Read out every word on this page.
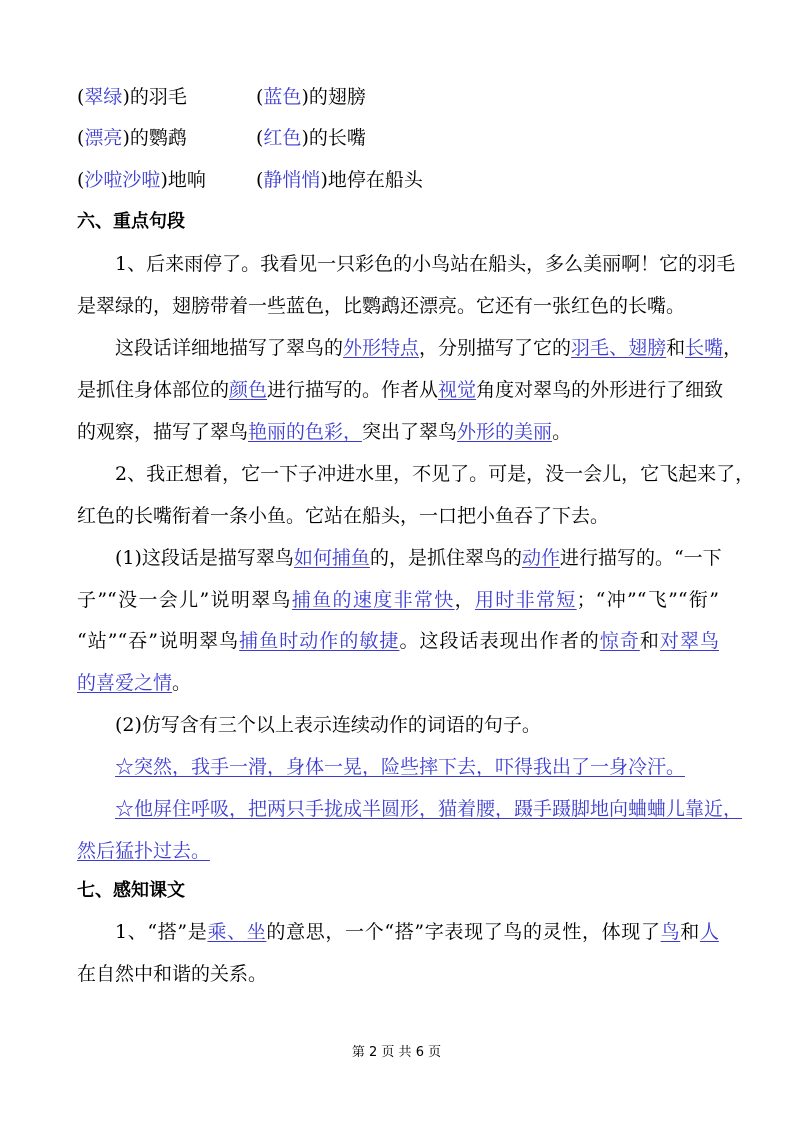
(翠绿)的羽毛	(蓝色)的翅膀
(漂亮)的鹦鹉	(红色)的长嘴
(沙啦沙啦)地响	(静悄悄)地停在船头
六、重点句段
1、后来雨停了。我看见一只彩色的小鸟站在船头，多么美丽啊！它的羽毛
是翠绿的，翅膀带着一些蓝色，比鹦鹉还漂亮。它还有一张红色的长嘴。
这段话详细地描写了翠鸟的外形特点，分别描写了它的羽毛、翅膀和长嘴，
是抓住身体部位的颜色进行描写的。作者从视觉角度对翠鸟的外形进行了细致
的观察，描写了翠鸟艳丽的色彩，突出了翠鸟外形的美丽。
2、我正想着，它一下子冲进水里，不见了。可是，没一会儿，它飞起来了，
红色的长嘴衔着一条小鱼。它站在船头，一口把小鱼吞了下去。
(1)这段话是描写翠鸟如何捕鱼的，是抓住翠鸟的动作进行描写的。“一下
子”“没一会儿”说明翠鸟捕鱼的速度非常快，用时非常短；“冲”“飞”“衔”
“站”“吞”说明翠鸟捕鱼时动作的敏捷。这段话表现出作者的惊奇和对翠鸟
的喜爱之情。
(2)仿写含有三个以上表示连续动作的词语的句子。
☆突然，我手一滑，身体一晃，险些摔下去，吓得我出了一身冷汗。
☆他屏住呼吸，把两只手拢成半圆形，猫着腰，蹑手蹑脚地向蛐蛐儿靠近，
然后猛扑过去。
七、感知课文
1、“搭”是乘、坐的意思，一个“搭”字表现了鸟的灵性，体现了鸟和人
在自然中和谐的关系。
第 2 页 共 6 页
